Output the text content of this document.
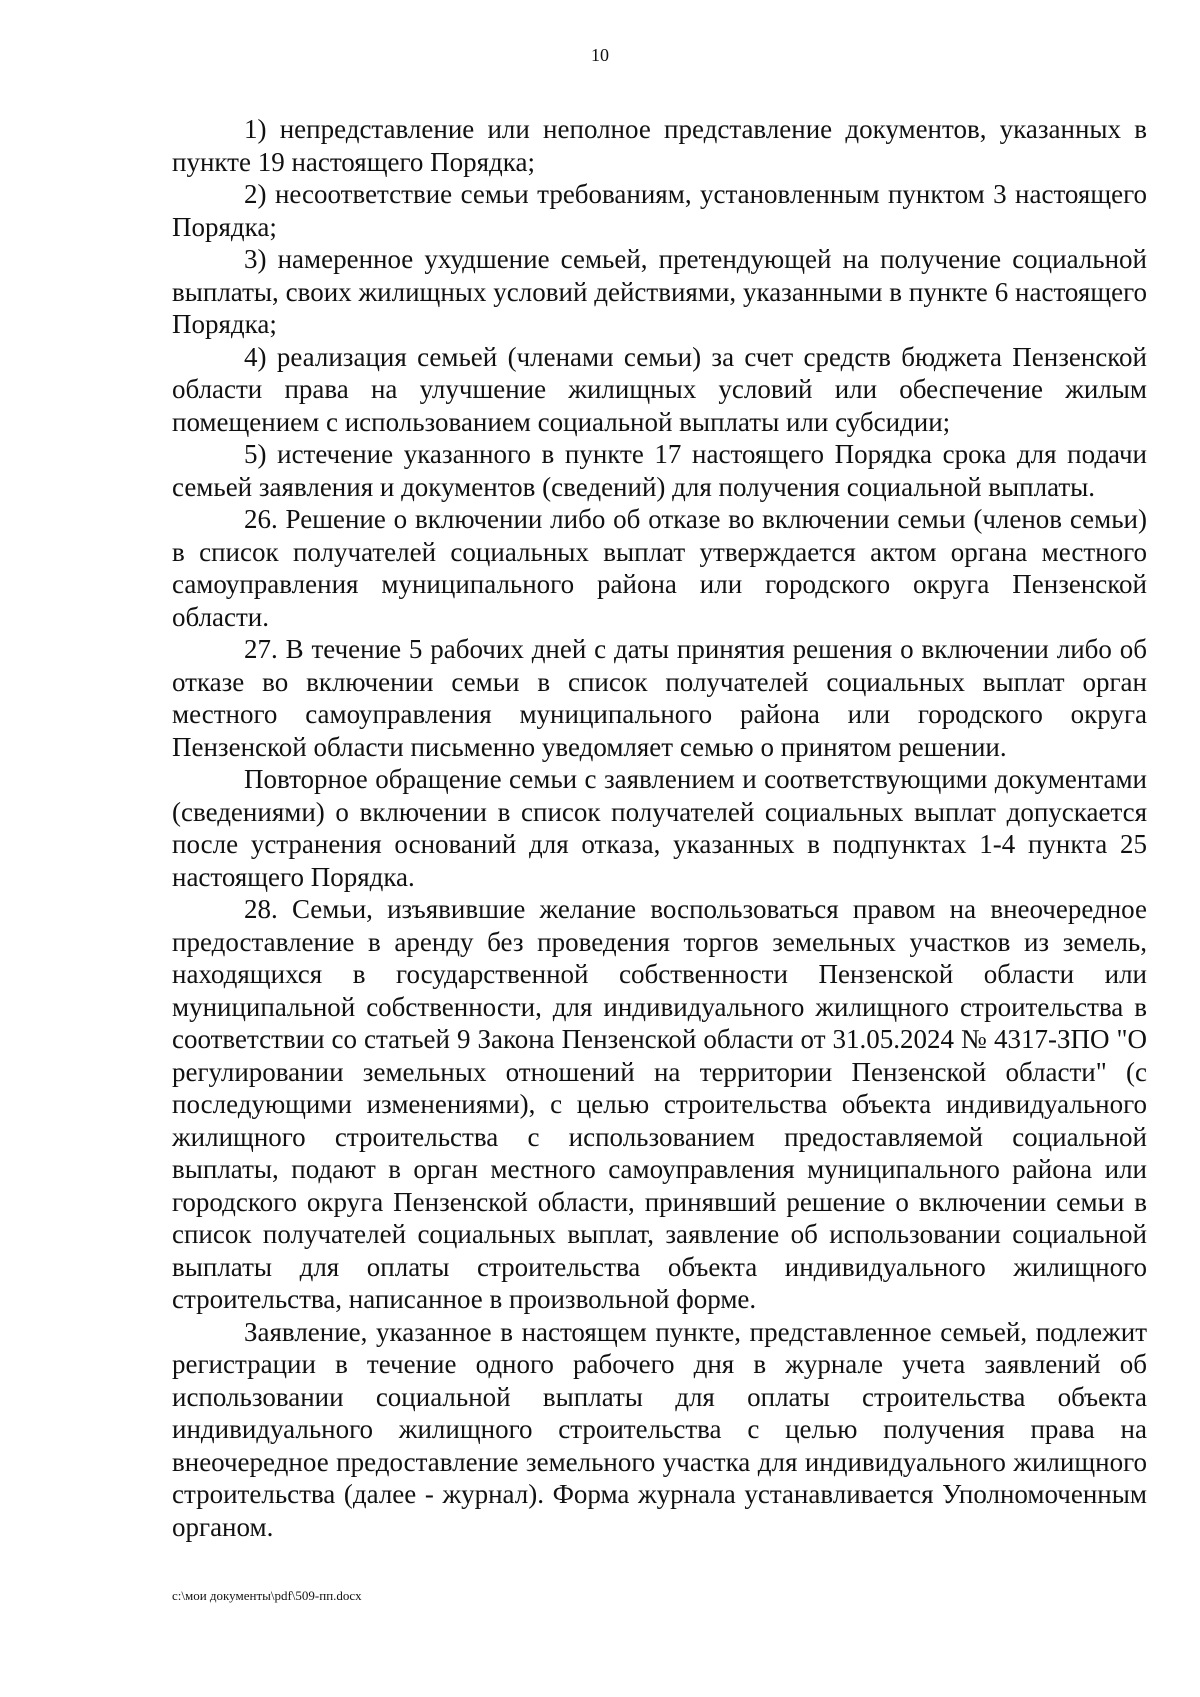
10

1) непредставление или неполное представление документов, указанных в пункте 19 настоящего Порядка;

2) несоответствие семьи требованиям, установленным пунктом 3 настоящего Порядка;

3) намеренное ухудшение семьей, претендующей на получение социальной выплаты, своих жилищных условий действиями, указанными в пункте 6 настоящего Порядка;

4) реализация семьей (членами семьи) за счет средств бюджета Пензенской области права на улучшение жилищных условий или обеспечение жилым помещением с использованием социальной выплаты или субсидии;

5) истечение указанного в пункте 17 настоящего Порядка срока для подачи семьей заявления и документов (сведений) для получения социальной выплаты.

26. Решение о включении либо об отказе во включении семьи (членов семьи) в список получателей социальных выплат утверждается актом органа местного самоуправления муниципального района или городского округа Пензенской области.

27. В течение 5 рабочих дней с даты принятия решения о включении либо об отказе во включении семьи в список получателей социальных выплат орган местного самоуправления муниципального района или городского округа Пензенской области письменно уведомляет семью о принятом решении.

Повторное обращение семьи с заявлением и соответствующими документами (сведениями) о включении в список получателей социальных выплат допускается после устранения оснований для отказа, указанных в подпунктах 1-4 пункта 25 настоящего Порядка.

28. Семьи, изъявившие желание воспользоваться правом на внеочередное предоставление в аренду без проведения торгов земельных участков из земель, находящихся в государственной собственности Пензенской области или муниципальной собственности, для индивидуального жилищного строительства в соответствии со статьей 9 Закона Пензенской области от 31.05.2024 № 4317-ЗПО "О регулировании земельных отношений на территории Пензенской области" (с последующими изменениями), с целью строительства объекта индивидуального жилищного строительства с использованием предоставляемой социальной выплаты, подают в орган местного самоуправления муниципального района или городского округа Пензенской области, принявший решение о включении семьи в список получателей социальных выплат, заявление об использовании социальной выплаты для оплаты строительства объекта индивидуального жилищного строительства, написанное в произвольной форме.

Заявление, указанное в настоящем пункте, представленное семьей, подлежит регистрации в течение одного рабочего дня в журнале учета заявлений об использовании социальной выплаты для оплаты строительства объекта индивидуального жилищного строительства с целью получения права на внеочередное предоставление земельного участка для индивидуального жилищного строительства (далее - журнал). Форма журнала устанавливается Уполномоченным органом.

c:\мои документы\pdf\509-пп.docx
